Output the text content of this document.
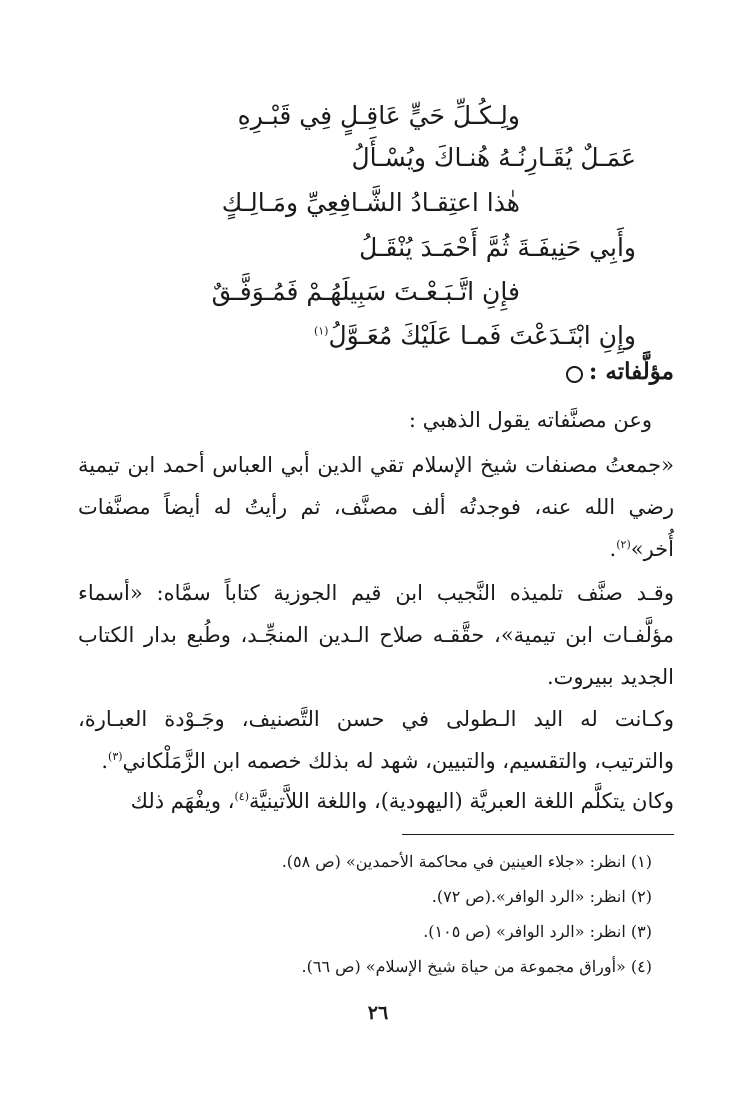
ولِـكُـلِّ حَيٍّ عَاقِـلٍ فِي قَبْـرِهِ
عَمَـلٌ يُقَـارِنُـهُ هُنـاكَ ويُسْـأَلُ
هٰذا اعتِقـادُ الشَّـافِعِيِّ ومَـالِـكٍ
وأَبِي حَنِيفَـةَ ثُمَّ أَحْمَـدَ يُنْقَـلُ
فإِنِ اتَّـبَـعْـتَ سَبِيلَهُـمْ فَمُـوَفَّـقٌ
وإِنِ ابْتَـدَعْتَ فَمـا عَلَيْكَ مُعَـوَّلُ$^{(١)}$
مؤلَّفاته :
وعن مصنَّفاته يقول الذهبي :
«جمعتُ مصنفات شيخ الإسلام تقي الدين أبي العباس أحمد ابن تيمية رضي الله عنه، فوجدتُه ألف مصنَّف، ثم رأيتُ له أيضاً مصنَّفات أُخر»$^{(٢)}$.
وقـد صنَّف تلميذه النَّجيب ابن قيم الجوزية كتاباً سمَّاه: «أسماء مؤلَّفـات ابن تيمية»، حقَّقـه صلاح الـدين المنجِّـد، وطُبع بدار الكتاب الجديد ببيروت.
وكـانت له اليد الـطولى في حسن التَّصنيف، وجَـوْدة العبـارة، والترتيب، والتقسيم، والتبيين، شهد له بذلك خصمه ابن الزَّمَلْكاني$^{(٣)}$.
وكان يتكلَّم اللغة العبريَّة (اليهودية)، واللغة اللاَّتينيَّة$^{(٤)}$، ويفْهَم ذلك
(١) انظر: «جلاء العينين في محاكمة الأحمدين» (ص ٥٨).
(٢) انظر: «الرد الوافر».(ص ٧٢).
(٣) انظر: «الرد الوافر» (ص ١٠٥).
(٤) «أوراق مجموعة من حياة شيخ الإسلام» (ص ٦٦).
٢٦
